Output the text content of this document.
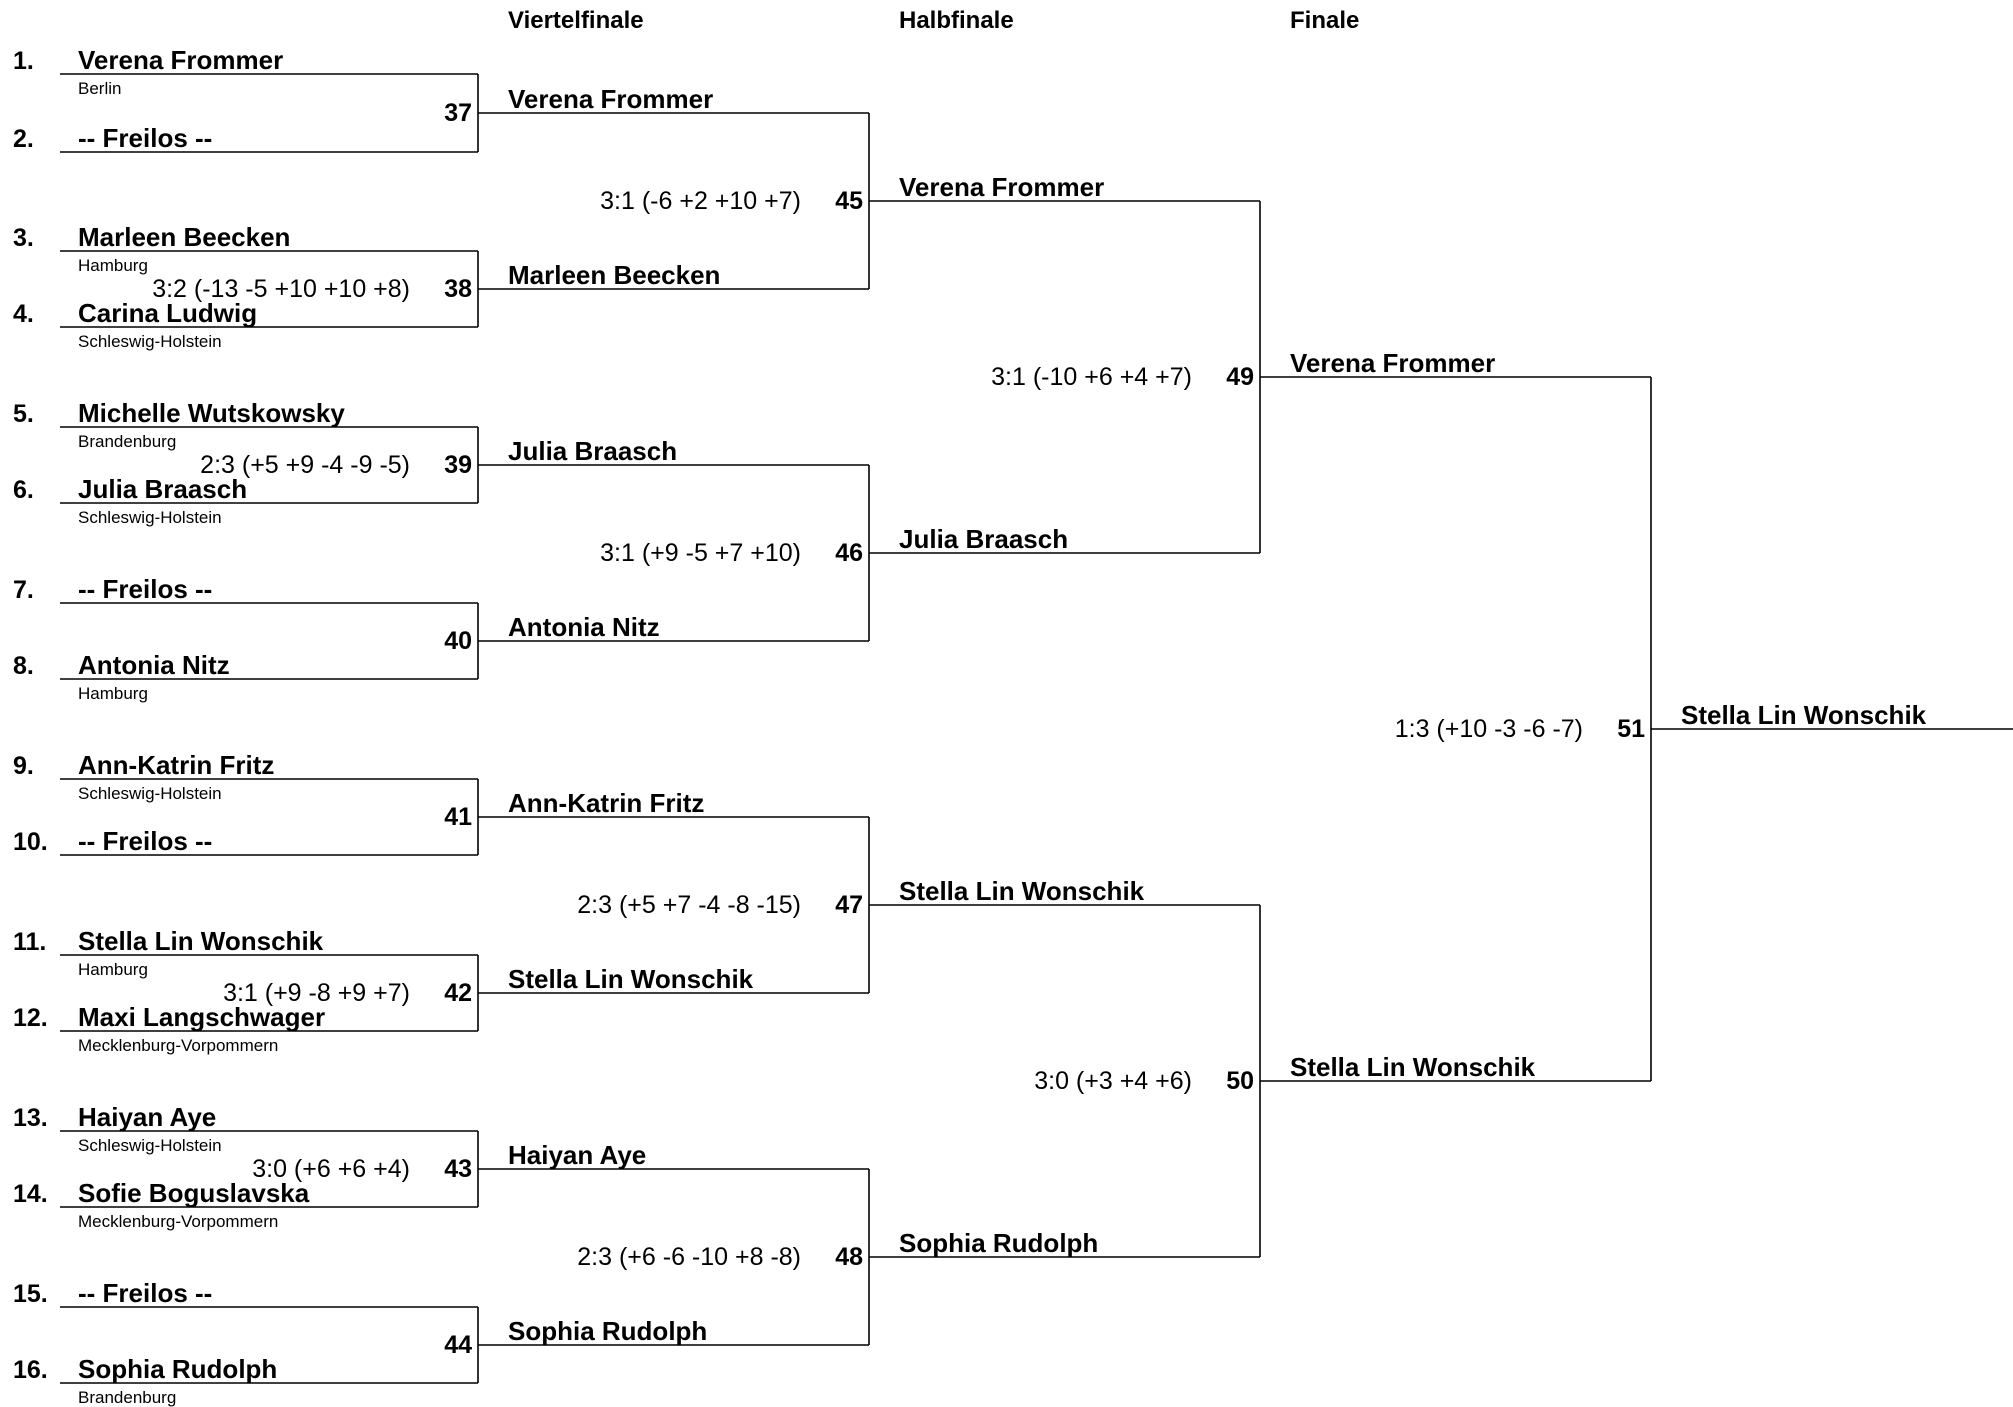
Viertelfinale	Halbfinale	Finale
1. Verena Frommer
Berlin
2. -- Freilos --
3. Marleen Beecken
Hamburg
4. Carina Ludwig
Schleswig-Holstein
5. Michelle Wutskowsky
Brandenburg
6. Julia Braasch
Schleswig-Holstein
7. -- Freilos --
8. Antonia Nitz
Hamburg
9. Ann-Katrin Fritz
Schleswig-Holstein
10. -- Freilos --
11. Stella Lin Wonschik
Hamburg
12. Maxi Langschwager
Mecklenburg-Vorpommern
13. Haiyan Aye
Schleswig-Holstein
14. Sofie Boguslavska
Mecklenburg-Vorpommern
15. -- Freilos --
16. Sophia Rudolph
Brandenburg
37 Verena Frommer
38
3:2 (-13 -5 +10 +10 +8)	Marleen Beecken
39
2:3 (+5 +9 -4 -9 -5)	Julia Braasch
40 Antonia Nitz
41 Ann-Katrin Fritz
42
3:1 (+9 -8 +9 +7)	Stella Lin Wonschik
43
3:0 (+6 +6 +4)	Haiyan Aye
44 Sophia Rudolph
45
3:1 (-6 +2 +10 +7)	Verena Frommer
46
3:1 (+9 -5 +7 +10)	Julia Braasch
47
2:3 (+5 +7 -4 -8 -15)	Stella Lin Wonschik
48
2:3 (+6 -6 -10 +8 -8)	Sophia Rudolph
49
3:1 (-10 +6 +4 +7)	Verena Frommer
50
3:0 (+3 +4 +6)	Stella Lin Wonschik
51
1:3 (+10 -3 -6 -7)	Stella Lin Wonschik
